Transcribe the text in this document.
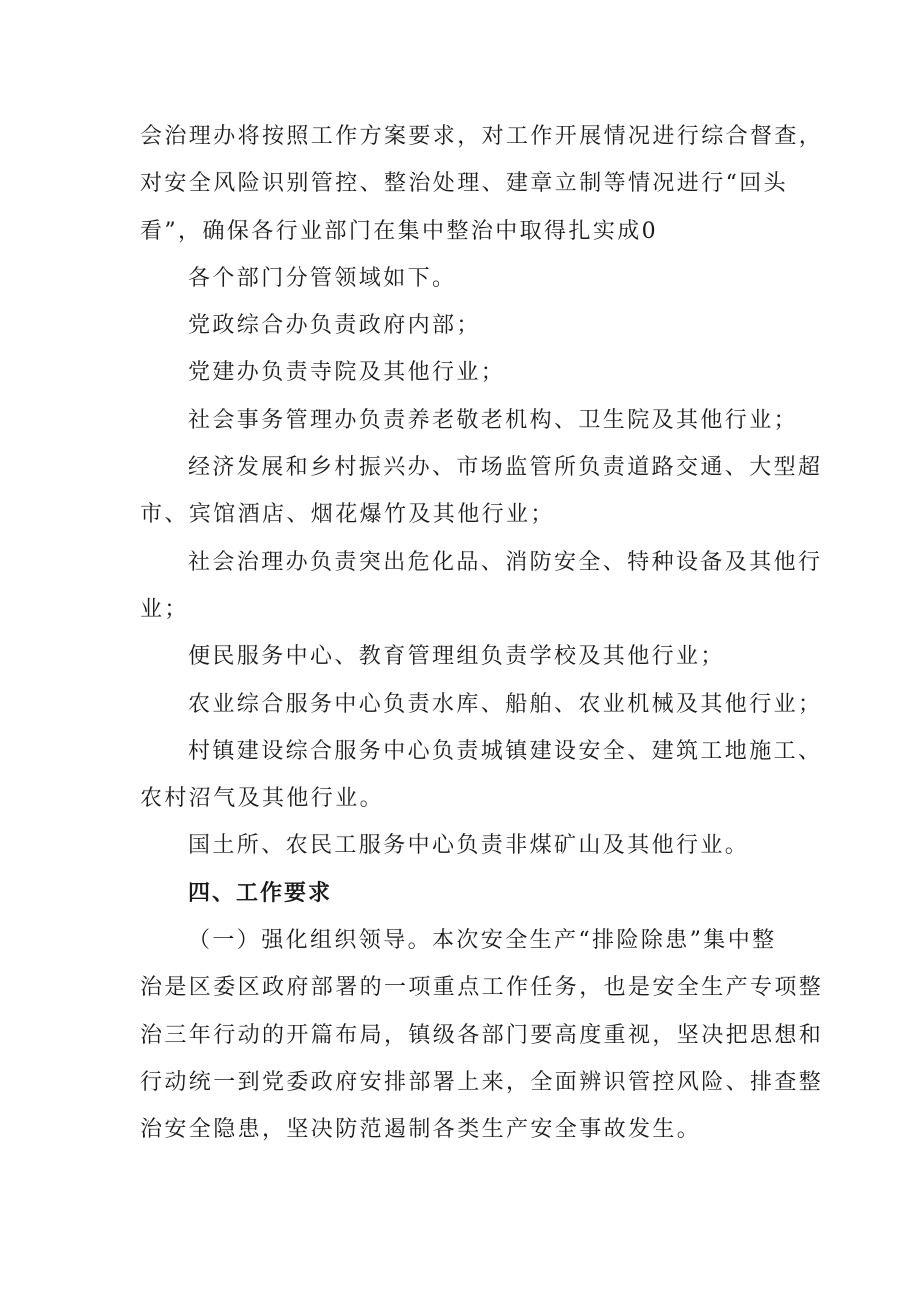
会治理办将按照工作方案要求，对工作开展情况进行综合督查，
对安全风险识别管控、整治处理、建章立制等情况进行“回头
看”，确保各行业部门在集中整治中取得扎实成0
各个部门分管领域如下。
党政综合办负责政府内部；
党建办负责寺院及其他行业；
社会事务管理办负责养老敬老机构、卫生院及其他行业；
经济发展和乡村振兴办、市场监管所负责道路交通、大型超
市、宾馆酒店、烟花爆竹及其他行业；
社会治理办负责突出危化品、消防安全、特种设备及其他行
业；
便民服务中心、教育管理组负责学校及其他行业；
农业综合服务中心负责水库、船舶、农业机械及其他行业；
村镇建设综合服务中心负责城镇建设安全、建筑工地施工、
农村沼气及其他行业。
国土所、农民工服务中心负责非煤矿山及其他行业。
四、工作要求
（一）强化组织领导。本次安全生产“排险除患”集中整
治是区委区政府部署的一项重点工作任务，也是安全生产专项整
治三年行动的开篇布局，镇级各部门要高度重视，坚决把思想和
行动统一到党委政府安排部署上来，全面辨识管控风险、排查整
治安全隐患，坚决防范遏制各类生产安全事故发生。
